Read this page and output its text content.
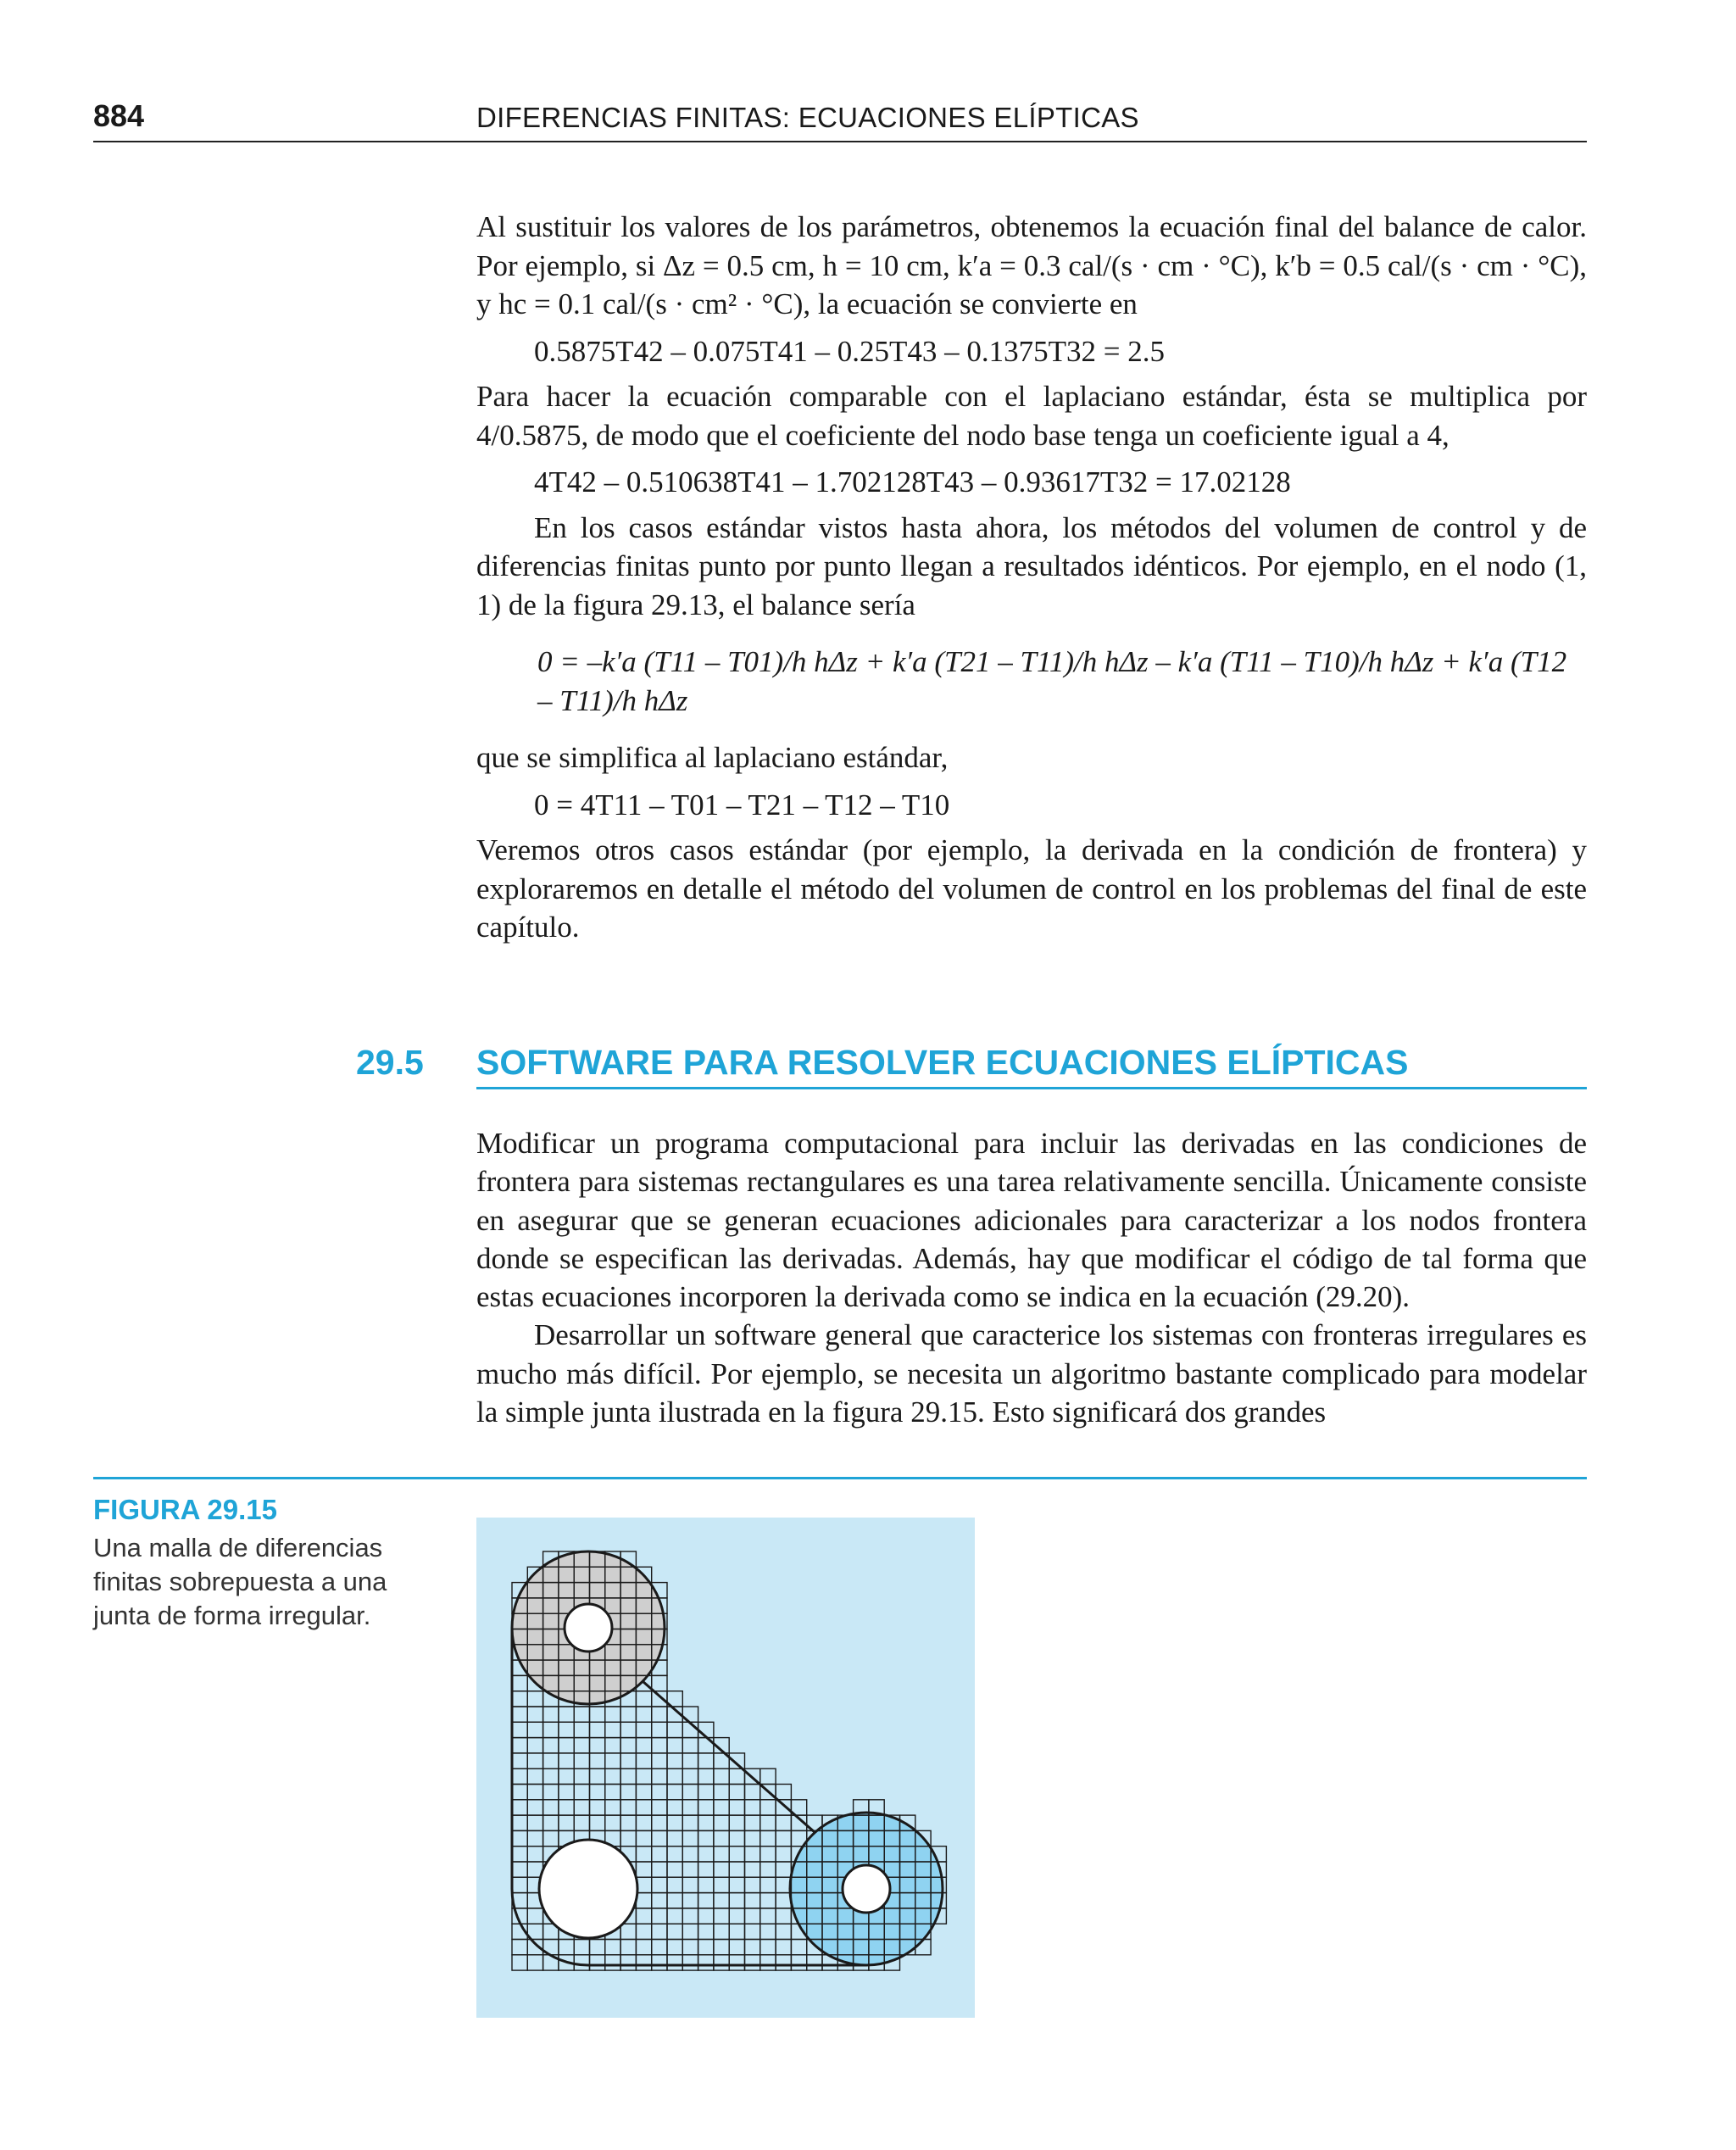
884	DIFERENCIAS FINITAS: ECUACIONES ELÍPTICAS

Al sustituir los valores de los parámetros, obtenemos la ecuación final del balance de calor. Por ejemplo, si Δz = 0.5 cm, h = 10 cm, k′a = 0.3 cal/(s · cm · °C), k′b = 0.5 cal/(s · cm · °C), y hc = 0.1 cal/(s · cm² · °C), la ecuación se convierte en

0.5875T42 – 0.075T41 – 0.25T43 – 0.1375T32 = 2.5

Para hacer la ecuación comparable con el laplaciano estándar, ésta se multiplica por 4/0.5875, de modo que el coeficiente del nodo base tenga un coeficiente igual a 4,

4T42 – 0.510638T41 – 1.702128T43 – 0.93617T32 = 17.02128

En los casos estándar vistos hasta ahora, los métodos del volumen de control y de diferencias finitas punto por punto llegan a resultados idénticos. Por ejemplo, en el nodo (1, 1) de la figura 29.13, el balance sería

0 = –k′a (T11 – T01)/h hΔz + k′a (T21 – T11)/h hΔz – k′a (T11 – T10)/h hΔz + k′a (T12 – T11)/h hΔz

que se simplifica al laplaciano estándar,

0 = 4T11 – T01 – T21 – T12 – T10

Veremos otros casos estándar (por ejemplo, la derivada en la condición de frontera) y exploraremos en detalle el método del volumen de control en los problemas del final de este capítulo.

29.5 SOFTWARE PARA RESOLVER ECUACIONES ELÍPTICAS

Modificar un programa computacional para incluir las derivadas en las condiciones de frontera para sistemas rectangulares es una tarea relativamente sencilla. Únicamente consiste en asegurar que se generan ecuaciones adicionales para caracterizar a los nodos frontera donde se especifican las derivadas. Además, hay que modificar el código de tal forma que estas ecuaciones incorporen la derivada como se indica en la ecuación (29.20).

Desarrollar un software general que caracterice los sistemas con fronteras irregulares es mucho más difícil. Por ejemplo, se necesita un algoritmo bastante complicado para modelar la simple junta ilustrada en la figura 29.15. Esto significará dos grandes

FIGURA 29.15
Una malla de diferencias finitas sobrepuesta a una junta de forma irregular.
